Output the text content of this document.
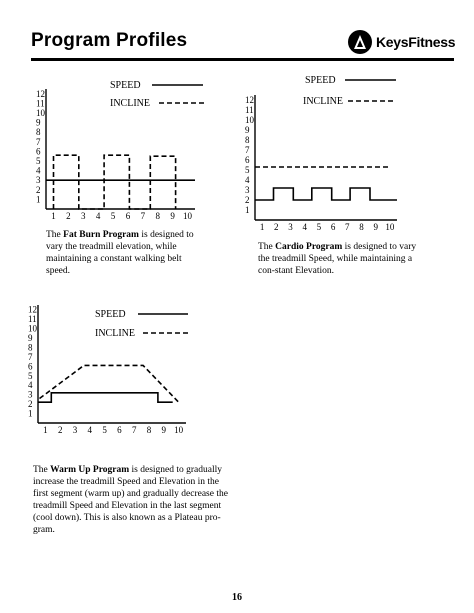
Program Profiles	KeysFitness
1
2
3
4
5
6
7
8
9
10
11
12
1 2 3 4 5 6 7 8 9 10
SPEED
INCLINE
1
2
3
4
5
6
7
8
9
10
11
12
1 2 3 4 5 6 7 8 9 10
SPEED
INCLINE
1
2
3
4
5
6
7
8
9
10
11
12
1 2 3 4 5 6 7 8 9 10
SPEED
INCLINE
The Fat Burn Program is designed to vary the treadmill elevation, while maintaining a constant walking belt speed.
The Cardio Program is designed to vary the treadmill Speed, while maintaining a con-stant Elevation.
The Warm Up Program is designed to gradually increase the treadmill Speed and Elevation in the first segment (warm up) and gradually decrease the treadmill Speed and Elevation in the last segment (cool down). This is also known as a Plateau pro-gram.
16
